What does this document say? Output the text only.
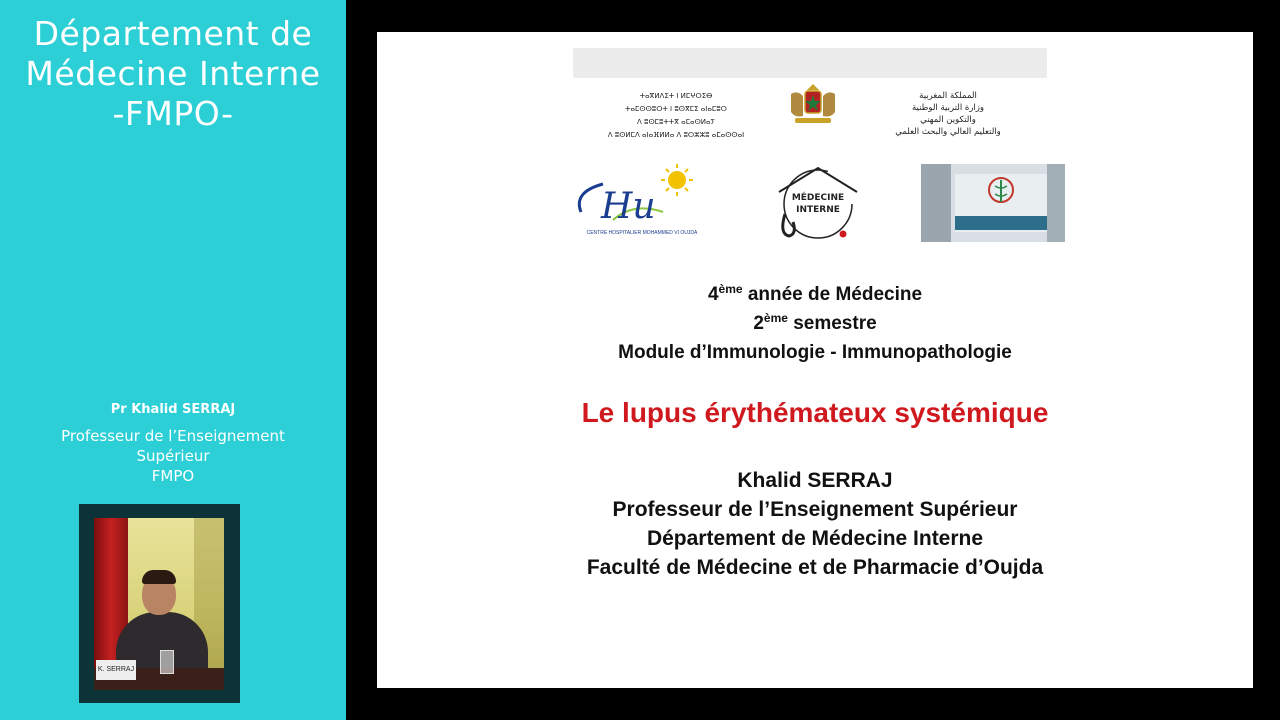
Département de
Médecine Interne
-FMPO-
Pr Khalid SERRAJ
Professeur de l’Enseignement
Supérieur
FMPO
K. SERRAJ
ⵜⴰⴳⵍⴷⵉⵜ ⵏ ⵍⵎⵖⵔⵉⴱ
ⵜⴰⵎⵙⵙⵓⵔⵜ ⵏ ⵓⵙⴳⵎⵉ ⴰⵏⴰⵎⵓⵔ
ⴷ ⵓⵙⵎⵓⵜⵜⴳ ⴰⵎⴰⵙⵍⴰⵢ
ⴷ ⵓⵙⵍⵎⴷ ⴰⵏⴰⴼⵍⵍⴰ ⴷ ⵓⵔⵣⵣⵓ ⴰⵎⴰⵙⵙⴰⵏ
المملكة المغربية
وزارة التربية الوطنية
والتكوين المهني
والتعليم العالي والبحث العلمي
Hu
CENTRE HOSPITALIER MOHAMMED VI OUJDA
MÉDECINE
INTERNE
4ème année de Médecine
2ème semestre
Module d’Immunologie - Immunopathologie
Le lupus érythémateux systémique
Khalid SERRAJ
Professeur de l’Enseignement Supérieur
Département de Médecine Interne
Faculté de Médecine et de Pharmacie d’Oujda
